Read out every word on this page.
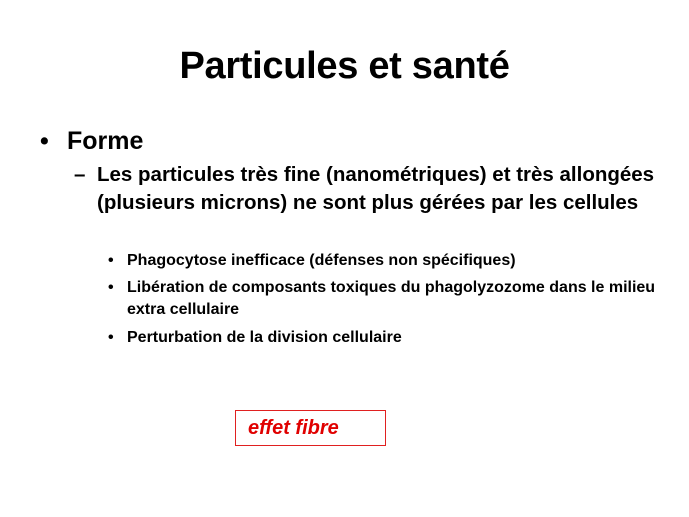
Particules et santé
• Forme
– Les particules très fine (nanométriques) et très allongées (plusieurs microns) ne sont plus gérées par les cellules
• Phagocytose inefficace (défenses non spécifiques)
• Libération de composants toxiques du phagolyzozome dans le milieu extra cellulaire
• Perturbation de la division cellulaire
effet fibre
